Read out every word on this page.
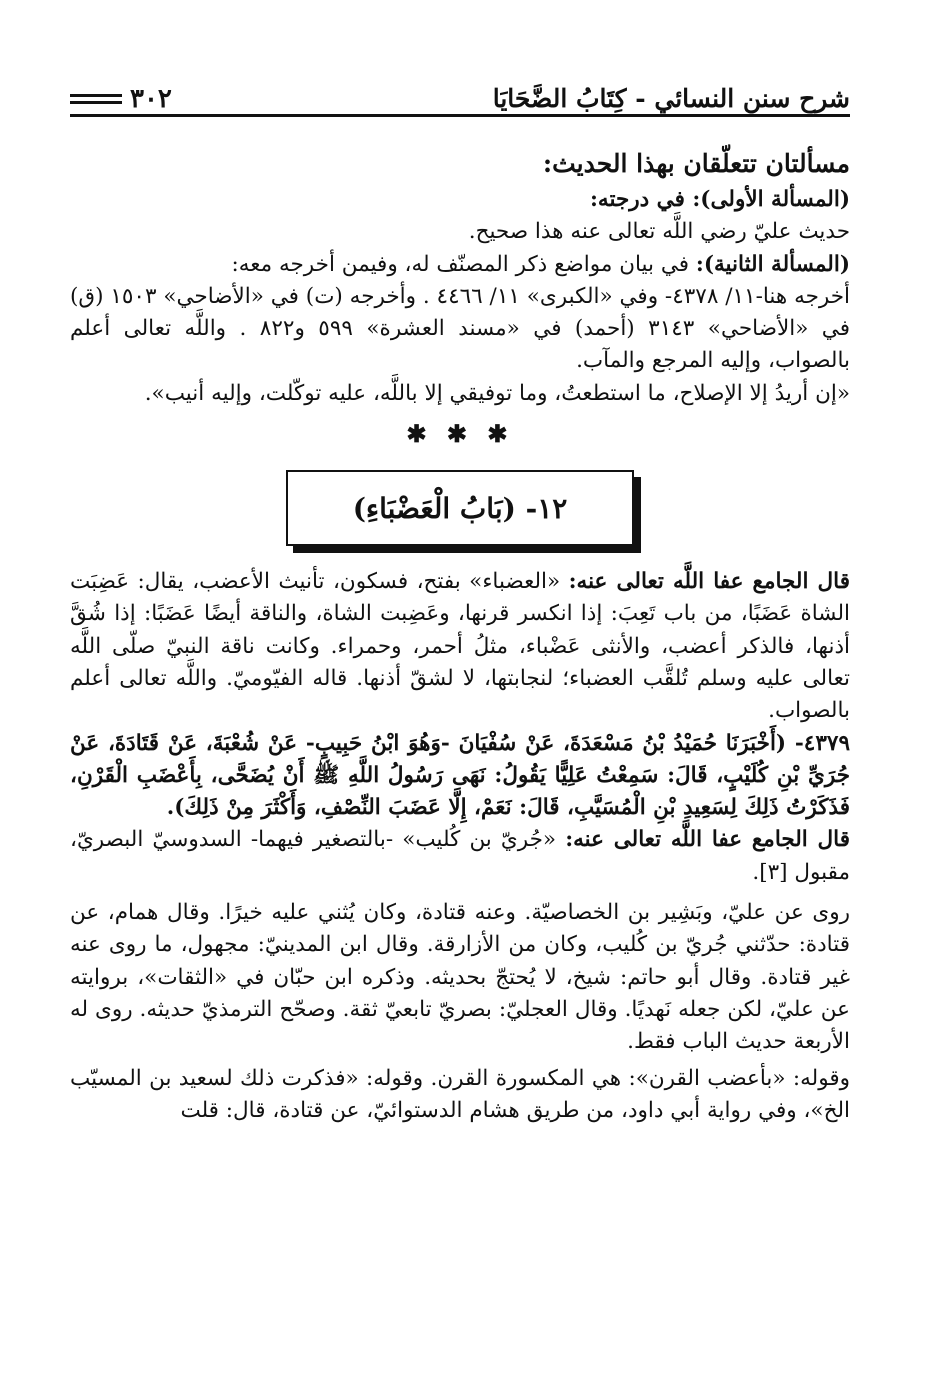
شرح سنن النسائي - كِتَابُ الضَّحَايَا
٣٠٢
مسألتان تتعلّقان بهذا الحديث:

(المسألة الأولى): في درجته:

حديث عليّ رضي اللَّه تعالى عنه هذا صحيح.

(المسألة الثانية): في بيان مواضع ذكر المصنّف له، وفيمن أخرجه معه:

أخرجه هنا-١١/ ٤٣٧٨- وفي «الكبرى» ١١/ ٤٤٦٦ . وأخرجه (ت) في «الأضاحي» ١٥٠٣ (ق) في «الأضاحي» ٣١٤٣ (أحمد) في «مسند العشرة» ٥٩٩ و٨٢٢ . واللَّه تعالى أعلم بالصواب، وإليه المرجع والمآب.

«إن أريدُ إلا الإصلاح، ما استطعتُ، وما توفيقي إلا باللَّه، عليه توكّلت، وإليه أنيب».

✱ ✱ ✱
١٢- (بَابُ الْعَضْبَاءِ)

قال الجامع عفا اللَّه تعالى عنه: «العضباء» بفتح، فسكون، تأنيث الأعضب، يقال: عَضِبَت الشاة عَضَبًا، من باب تَعِبَ: إذا انكسر قرنها، وعَضِبت الشاة، والناقة أيضًا عَضَبًا: إذا شُقَّ أذنها، فالذكر أعضب، والأنثى عَضْباء، مثلُ أحمر، وحمراء. وكانت ناقة النبيّ صلّى اللَّه تعالى عليه وسلم تُلقَّب العضباء؛ لنجابتها، لا لشقّ أذنها. قاله الفيّوميّ. واللَّه تعالى أعلم بالصواب.

٤٣٧٩- (أَخْبَرَنَا حُمَيْدُ بْنُ مَسْعَدَةَ، عَنْ سُفْيَانَ -وَهُوَ ابْنُ حَبِيبٍ- عَنْ شُعْبَةَ، عَنْ قَتَادَةَ، عَنْ جُرَيِّ بْنِ كُلَيْبٍ، قَالَ: سَمِعْتُ عَلِيًّا يَقُولُ: نَهَى رَسُولُ اللَّهِ ﷺ أَنْ يُضَحَّى، بِأَعْضَبِ الْقَرْنِ، فَذَكَرْتُ ذَلِكَ لِسَعِيدِ بْنِ الْمُسَيَّبِ، قَالَ: نَعَمْ، إِلَّا عَضَبَ النِّصْفِ، وَأَكْثَرَ مِنْ ذَلِكَ).

قال الجامع عفا اللَّه تعالى عنه: «جُريّ بن كُليب» -بالتصغير فيهما- السدوسيّ البصريّ، مقبول [٣].

روى عن عليّ، وبَشِير بن الخصاصيّة. وعنه قتادة، وكان يُثني عليه خيرًا. وقال همام، عن قتادة: حدّثني جُريّ بن كُليب، وكان من الأزارقة. وقال ابن المدينيّ: مجهول، ما روى عنه غير قتادة. وقال أبو حاتم: شيخ، لا يُحتجّ بحديثه. وذكره ابن حبّان في «الثقات»، بروايته عن عليّ، لكن جعله نَهديًا. وقال العجليّ: بصريّ تابعيّ ثقة. وصحّح الترمذيّ حديثه. روى له الأربعة حديث الباب فقط.

وقوله: «بأعضب القرن»: هي المكسورة القرن. وقوله: «فذكرت ذلك لسعيد بن المسيّب الخ»، وفي رواية أبي داود، من طريق هشام الدستوائيّ، عن قتادة، قال: قلت
